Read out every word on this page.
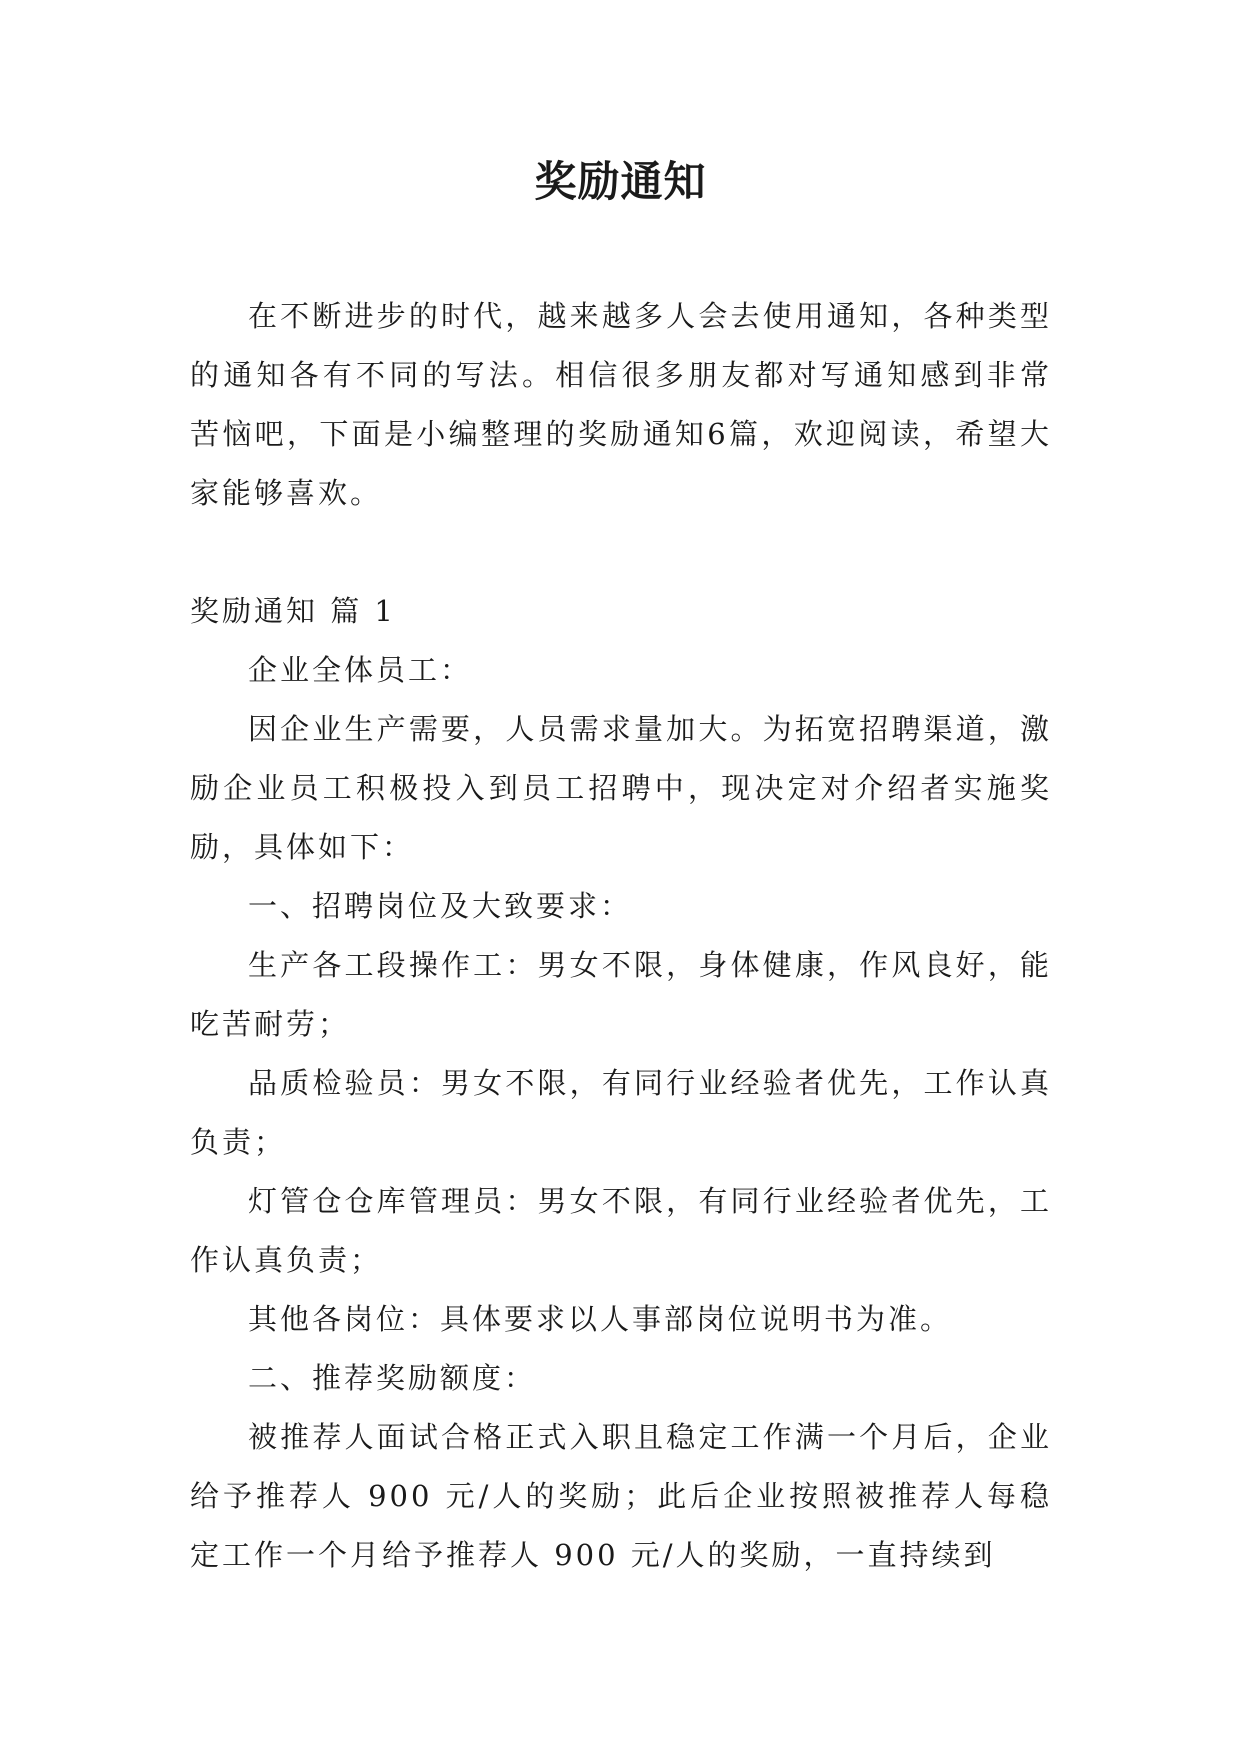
奖励通知

在不断进步的时代，越来越多人会去使用通知，各种类型的通知各有不同的写法。相信很多朋友都对写通知感到非常苦恼吧，下面是小编整理的奖励通知6篇，欢迎阅读，希望大家能够喜欢。

奖励通知 篇 1

企业全体员工：

因企业生产需要，人员需求量加大。为拓宽招聘渠道，激励企业员工积极投入到员工招聘中，现决定对介绍者实施奖励，具体如下：

一、招聘岗位及大致要求：

生产各工段操作工：男女不限，身体健康，作风良好，能吃苦耐劳；

品质检验员：男女不限，有同行业经验者优先，工作认真负责；

灯管仓仓库管理员：男女不限，有同行业经验者优先，工作认真负责；

其他各岗位：具体要求以人事部岗位说明书为准。

二、推荐奖励额度：

被推荐人面试合格正式入职且稳定工作满一个月后，企业给予推荐人 900 元/人的奖励；此后企业按照被推荐人每稳定工作一个月给予推荐人 900 元/人的奖励，一直持续到
